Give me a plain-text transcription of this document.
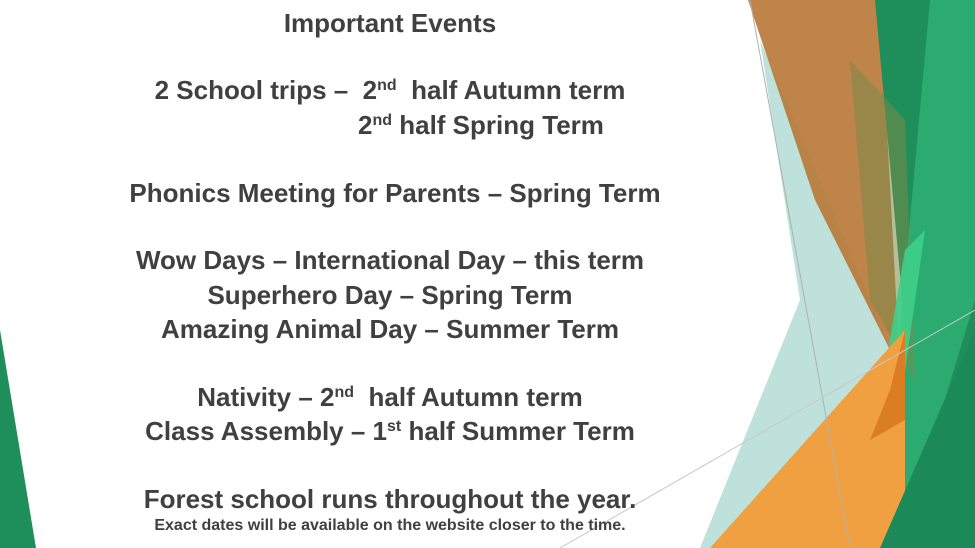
Important Events
2 School trips –  2nd  half Autumn term
2nd half Spring Term
Phonics Meeting for Parents – Spring Term
Wow Days – International Day – this term
Superhero Day – Spring Term
Amazing Animal Day – Summer Term
Nativity – 2nd  half Autumn term
Class Assembly – 1st half Summer Term
Forest school runs throughout the year.
Exact dates will be available on the website closer to the time.
